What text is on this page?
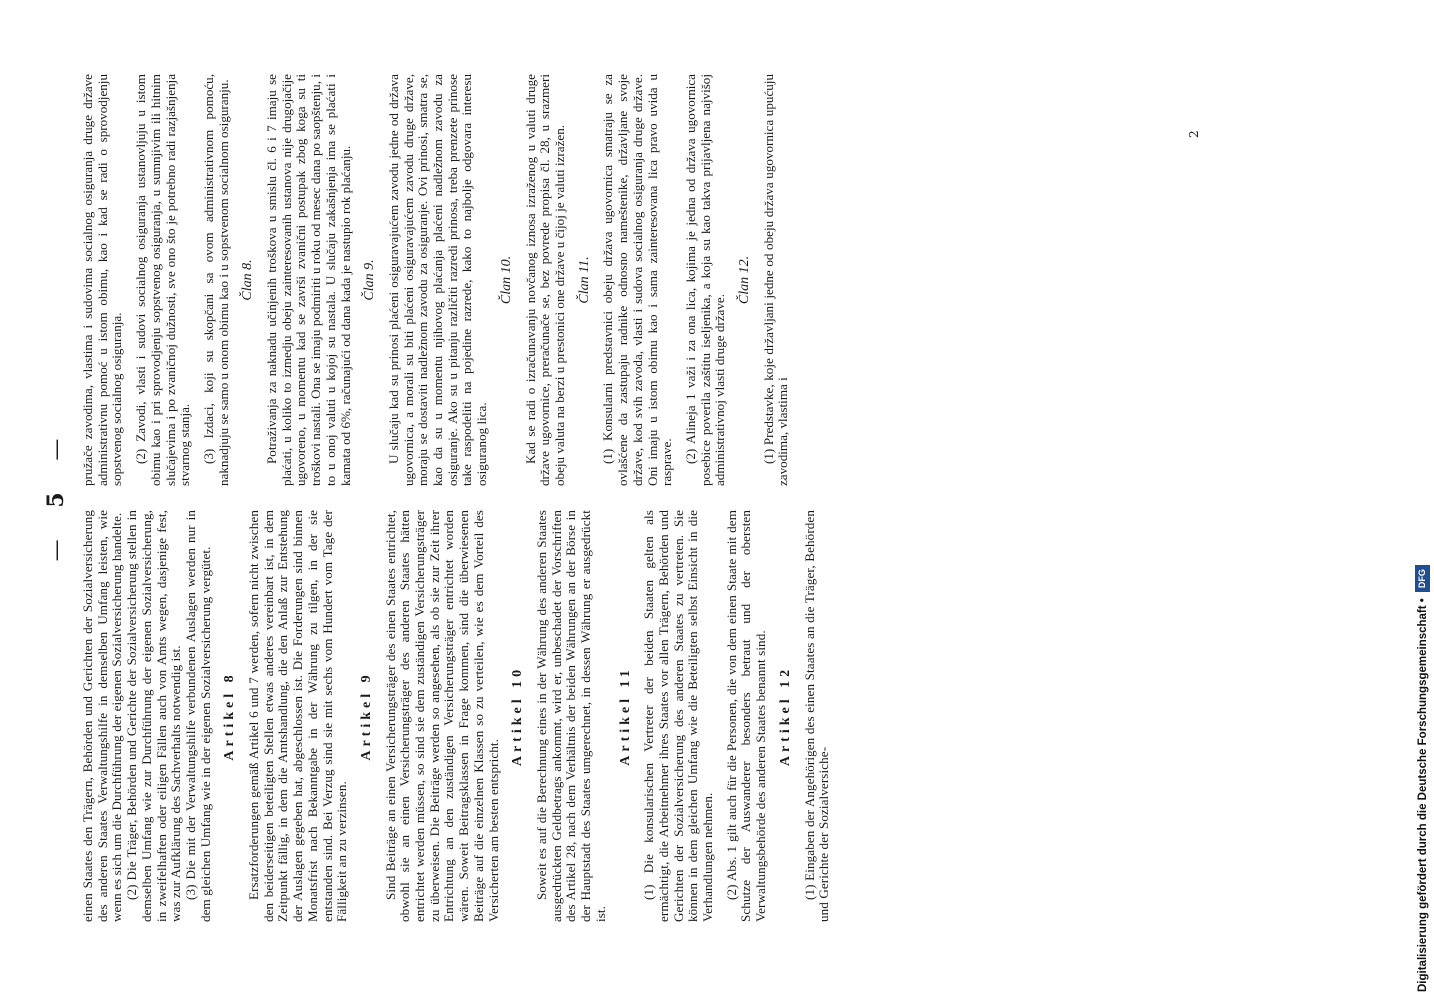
— 5 —

einen Staates den Trägern, Behörden und Gerichten der Sozialversicherung des anderen Staates Verwaltungshilfe in demselben Umfang leisten, wie wenn es sich um die Durchführung der eigenen Sozialversicherung handelte. (2) Die Träger, Behörden und Gerichte der Sozialversicherung stellen in demselben Umfang wie zur Durchführung der eigenen Sozialversicherung, in zweifelhaften oder eiligen Fällen auch von Amts wegen, dasjenige fest, was zur Aufklärung des Sachverhalts notwendig ist. (3) Die mit der Verwaltungshilfe verbundenen Auslagen werden nur in dem gleichen Umfang wie in der eigenen Sozialversicherung vergütet. Artikel 8 Ersatzforderungen gemäß Artikel 6 und 7 werden, sofern nicht zwischen den beiderseitigen beteiligten Stellen etwas anderes vereinbart ist, in dem Zeitpunkt fällig, in dem die Amtshandlung, die den Anlaß zur Entstehung der Auslagen gegeben hat, abgeschlossen ist. Die Forderungen sind binnen Monatsfrist nach Bekanntgabe in der Währung zu tilgen, in der sie entstanden sind. Bei Verzug sind sie mit sechs vom Hundert vom Tage der Fälligkeit an zu verzinsen.

Artikel 9 Sind Beiträge an einen Versicherungsträger des einen Staates entrichtet, obwohl sie an einen Versicherungsträger des anderen Staates hätten entrichtet werden müssen, so sind sie dem zuständigen Versicherungsträger zu überweisen. Die Beiträge werden so angesehen, als ob sie zur Zeit ihrer Entrichtung an den zuständigen Versicherungsträger entrichtet worden wären. Soweit Beitragsklassen in Frage kommen, sind die überwiesenen Beiträge auf die einzelnen Klassen so zu verteilen, wie es dem Vorteil des Versicherten am besten entspricht.

Artikel 10 Soweit es auf die Berechnung eines in der Währung des anderen Staates ausgedrückten Geldbetrags ankommt, wird er, unbeschadet der Vorschriften des Artikel 28, nach dem Verhältnis der beiden Währungen an der Börse in der Hauptstadt des Staates umgerechnet, in dessen Währung er ausgedrückt ist.

Artikel 11 (1) Die konsularischen Vertreter der beiden Staaten gelten als ermächtigt, die Arbeitnehmer ihres Staates vor allen Trägern, Behörden und Gerichten der Sozialversicherung des anderen Staates zu vertreten. Sie können in dem gleichen Umfang wie die Beteiligten selbst Einsicht in die Verhandlungen nehmen. (2) Abs. 1 gilt auch für die Personen, die von dem einen Staate mit dem Schutze der Auswanderer besonders betraut und der obersten Verwaltungsbehörde des anderen Staates benannt sind. Artikel 12 (1) Eingaben der Angehörigen des einen Staates an die Träger, Behörden und Gerichte der Sozialversiche-

pružače zavodima, vlastima i sudovima socialnog osiguranja druge države administrativnu pomoć u istom obimu, kao i kad se radi o sprovodjenju sopstvenog socialnog osiguranja. (2) Zavodi, vlasti i sudovi socialnog osiguranja ustanovljuju u istom obimu kao i pri sprovodjenju sopstvenog osiguranja, u sumnjivim ili hitnim slučajevima i po zvaničnoj dužnosti, sve ono što je potrebno radi razjašnjenja stvarnog stanja. (3) Izdaci, koji su skopčani sa ovom administrativnom pomoću, naknadjuju se samo u onom obimu kao i u sopstvenom socialnom osiguranju. Član 8. Potraživanja za naknadu učinjenih troškova u smislu čl. 6 i 7 imaju se plaćati, u koliko to izmedju obeju zainteresovanih ustanova nije drugojačije ugovoreno, u momentu kad se završi zvanični postupak zbog koga su ti troškovi nastali. Ona se imaju podmiriti u roku od mesec dana po saopštenju, i to u onoj valuti u kojoj su nastala. U slučaju zakašnjenja ima se plaćati i kamata od 6%, računajući od dana kada je nastupio rok plaćanju. Član 9. U slučaju kad su prinosi plaćeni osiguravajućem zavodu jedne od država ugovornica, a morali su biti plaćeni osiguravajućem zavodu druge države, moraju se dostaviti nadležnom zavodu za osiguranje. Ovi prinosi, smatra se, kao da su u momentu njihovog plaćanja plaćeni nadležnom zavodu za osiguranje. Ako su u pitanju različiti razredi prinosa, treba prenzete prinose take raspodeliti na pojedine razrede, kako to najbolje odgovara interesu osiguranog lica.

Član 10. Kad se radi o izračunavanju novčanog iznosa izraženog u valuti druge države ugovornice, preračunače se, bez povrede propisa čl. 28, u srazmeri obeju valuta na berzi u prestonici one države u čijoj je valuti izražen. Član 11. (1) Konsularni predstavnici obeju država ugovornica smatraju se za ovlašćene da zastupaju radnike odnosno nameštenike, državljane svoje države, kod svih zavoda, vlasti i sudova socialnog osiguranja druge države. Oni imaju u istom obimu kao i sama zainteresovana lica pravo uvida u rasprave. (2) Alineja 1 važi i za ona lica, kojima je jedna od država ugovornica posebice poverila zaštitu iseljenika, a koja su kao takva prijavljena najvišoj administrativnoj vlasti druge države.

Član 12. (1) Predstavke, koje državljani jedne od obeju država ugovornica upućuju zavodima, vlastima i

2
Digitalisierung gefördert durch die Deutsche Forschungsgemeinschaft •DFG
